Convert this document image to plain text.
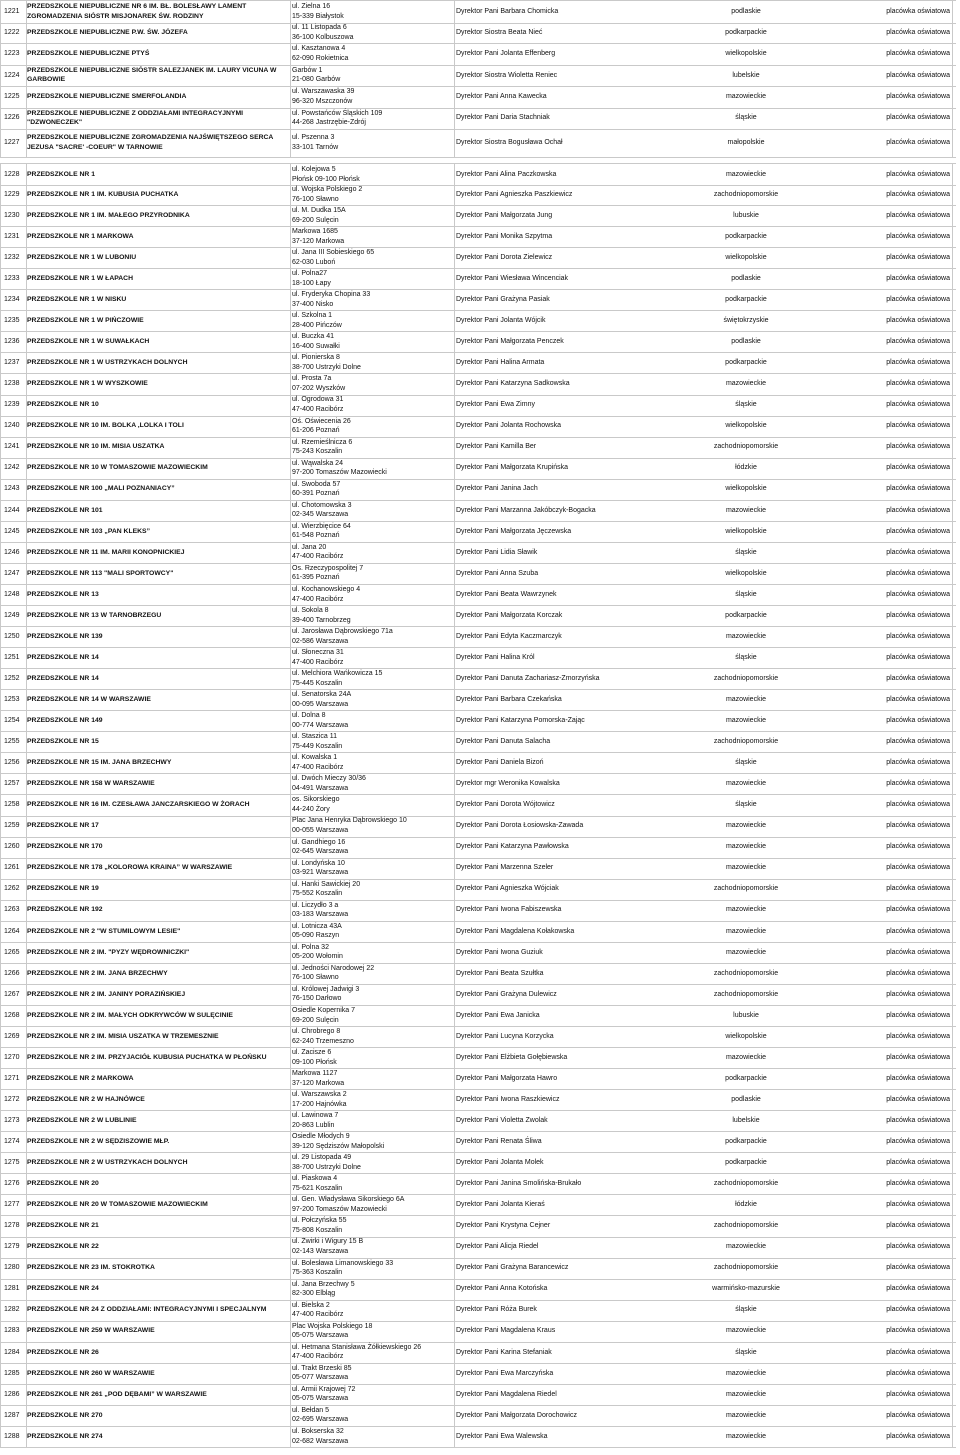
1221
PRZEDSZKOLE NIEPUBLICZNE NR 6 IM. BŁ. BOLESŁAWY LAMENT ZGROMADZENIA SIÓSTR MISJONAREK ŚW. RODZINY
ul. Zielna 16
15-339 Białystok
Dyrektor Pani Barbara Chomicka	podlaskie	placówka oświatowa
1222	PRZEDSZKOLE NIEPUBLICZNE P.W. ŚW. JÓZEFA
ul. 11 Listopada 6
36-100 Kolbuszowa
Dyrektor Siostra Beata Nieć	podkarpackie	placówka oświatowa
1223	PRZEDSZKOLE NIEPUBLICZNE PTYŚ
ul. Kasztanowa 4
62-090 Rokietnica
Dyrektor Pani Jolanta Effenberg	wielkopolskie	placówka oświatowa
1224
PRZEDSZKOLE NIEPUBLICZNE SIÓSTR SALEZJANEK IM. LAURY VICUNA W GARBOWIE
Garbów 1
21-080 Garbów
Dyrektor Siostra Wioletta Reniec	lubelskie	placówka oświatowa
1225	PRZEDSZKOLE NIEPUBLICZNE SMERFOLANDIA
ul. Warszawaska 39
96-320 Mszczonów
Dyrektor Pani Anna Kawecka	mazowieckie	placówka oświatowa
1226
PRZEDSZKOLE NIEPUBLICZNE Z ODDZIAŁAMI INTEGRACYJNYMI "DZWONECZEK"
ul. Powstańców Śląskich 109
44-268 Jastrzębie-Zdrój
Dyrektor Pani Daria Stachniak	śląskie	placówka oświatowa
1227
PRZEDSZKOLE NIEPUBLICZNE ZGROMADZENIA NAJŚWIĘTSZEGO SERCA JEZUSA "SACRE' -COEUR" W TARNOWIE
ul. Pszenna 3
33-101 Tarnów
Dyrektor Siostra Bogusława Ochał	małopolskie	placówka oświatowa
1228	PRZEDSZKOLE NR 1
ul. Kolejowa 5
Płońsk 09-100 Płońsk
Dyrektor Pani Alina Paczkowska	mazowieckie	placówka oświatowa
1229	PRZEDSZKOLE NR 1 IM. KUBUSIA PUCHATKA
ul. Wojska Polskiego 2
76-100 Sławno
Dyrektor Pani Agnieszka Paszkiewicz	zachodniopomorskie	placówka oświatowa
1230	PRZEDSZKOLE NR 1 IM. MAŁEGO PRZYRODNIKA
ul. M. Dudka 15A
69-200 Sulęcin
Dyrektor Pani Małgorzata Jung	lubuskie	placówka oświatowa
1231	PRZEDSZKOLE NR 1 MARKOWA
Markowa 1685
37-120 Markowa
Dyrektor Pani Monika Szpytma	podkarpackie	placówka oświatowa
1232	PRZEDSZKOLE NR 1 W LUBONIU
ul. Jana III Sobieskiego 65
62-030 Luboń
Dyrektor Pani Dorota Zielewicz	wielkopolskie	placówka oświatowa
1233	PRZEDSZKOLE NR 1 W ŁAPACH
ul. Polna27
18-100 Łapy
Dyrektor Pani Wiesława Wincenciak	podlaskie	placówka oświatowa
1234	PRZEDSZKOLE NR 1 W NISKU
ul. Fryderyka Chopina 33
37-400 Nisko
Dyrektor Pani Grażyna Pasiak	podkarpackie	placówka oświatowa
1235	PRZEDSZKOLE NR 1 W PIŃCZOWIE
ul. Szkolna 1
28-400 Pińczów
Dyrektor Pani Jolanta Wójcik	świętokrzyskie	placówka oświatowa
1236	PRZEDSZKOLE NR 1 W SUWAŁKACH
ul. Buczka 41
16-400 Suwałki
Dyrektor Pani Małgorzata Penczek	podlaskie	placówka oświatowa
1237	PRZEDSZKOLE NR 1 W USTRZYKACH DOLNYCH
ul. Pionierska 8
38-700 Ustrzyki Dolne
Dyrektor Pani Halina Armata	podkarpackie	placówka oświatowa
1238	PRZEDSZKOLE NR 1 W WYSZKOWIE
ul. Prosta 7a
07-202 Wyszków
Dyrektor Pani Katarzyna Sadkowska	mazowieckie	placówka oświatowa
1239	PRZEDSZKOLE NR 10
ul. Ogrodowa 31
47-400 Racibórz
Dyrektor Pani Ewa Zimny	śląskie	placówka oświatowa
1240	PRZEDSZKOLE NR 10 IM. BOLKA ,LOLKA I TOLI
Oś. Oświecenia 26
61-206 Poznań
Dyrektor Pani Jolanta Rochowska	wielkopolskie	placówka oświatowa
1241	PRZEDSZKOLE NR 10 IM. MISIA USZATKA
ul. Rzemieślnicza 6
75-243 Koszalin
Dyrektor Pani Kamilla Ber	zachodniopomorskie	placówka oświatowa
1242	PRZEDSZKOLE NR 10 W TOMASZOWIE MAZOWIECKIM
ul. Wąwalska 24
97-200 Tomaszów Mazowiecki
Dyrektor Pani Małgorzata Krupińska	łódzkie	placówka oświatowa
1243	PRZEDSZKOLE NR 100 „MALI POZNANIACY”
ul. Swoboda 57
60-391 Poznań
Dyrektor Pani Janina Jach	wielkopolskie	placówka oświatowa
1244	PRZEDSZKOLE NR 101
ul. Chotomowska 3
02-345 Warszawa
Dyrektor Pani Marzanna Jakóbczyk-Bogacka	mazowieckie	placówka oświatowa
1245	PRZEDSZKOLE NR 103 „PAN KLEKS”
ul. Wierzbięcice 64
61-548 Poznań
Dyrektor Pani Małgorzata Jęczewska	wielkopolskie	placówka oświatowa
1246	PRZEDSZKOLE NR 11 IM. MARII KONOPNICKIEJ
ul. Jana 20
47-400 Racibórz
Dyrektor Pani Lidia Sławik	śląskie	placówka oświatowa
1247	PRZEDSZKOLE NR 113 "MALI SPORTOWCY"
Os. Rzeczypospolitej 7
61-395 Poznań
Dyrektor Pani Anna Szuba	wielkopolskie	placówka oświatowa
1248	PRZEDSZKOLE NR 13
ul. Kochanowskiego 4
47-400 Racibórz
Dyrektor Pani Beata Wawrzynek	śląskie	placówka oświatowa
1249	PRZEDSZKOLE NR 13 W TARNOBRZEGU
ul. Sokola 8
39-400 Tarnobrzeg
Dyrektor Pani Małgorzata Korczak	podkarpackie	placówka oświatowa
1250	PRZEDSZKOLE NR 139
ul. Jarosława Dąbrowskiego 71a
02-586 Warszawa
Dyrektor Pani Edyta Kaczmarczyk	mazowieckie	placówka oświatowa
1251	PRZEDSZKOLE NR 14
ul. Słoneczna 31
47-400 Racibórz
Dyrektor Pani Halina Król	śląskie	placówka oświatowa
1252	PRZEDSZKOLE NR 14
ul. Melchiora Wańkowicza 15
75-445 Koszalin
Dyrektor Pani Danuta Zachariasz-Zmorzyńska	zachodniopomorskie	placówka oświatowa
1253	PRZEDSZKOLE NR 14 W WARSZAWIE
ul. Senatorska 24A
00-095 Warszawa
Dyrektor Pani Barbara Czekańska	mazowieckie	placówka oświatowa
1254	PRZEDSZKOLE NR 149
ul. Dolna 8
00-774 Warszawa
Dyrektor Pani Katarzyna Pomorska-Zając	mazowieckie	placówka oświatowa
1255	PRZEDSZKOLE NR 15
ul. Staszica 11
75-449 Koszalin
Dyrektor Pani Danuta Salacha	zachodniopomorskie	placówka oświatowa
1256	PRZEDSZKOLE NR 15 IM. JANA BRZECHWY
ul. Kowalska 1
47-400 Racibórz
Dyrektor Pani Daniela Bizoń	śląskie	placówka oświatowa
1257	PRZEDSZKOLE NR 158 W WARSZAWIE
ul. Dwóch Mieczy 30/36
04-491 Warszawa
Dyrektor mgr Weronika Kowalska	mazowieckie	placówka oświatowa
1258	PRZEDSZKOLE NR 16 IM. CZESŁAWA JANCZARSKIEGO W ŻORACH
os. Sikorskiego
44-240 Żory
Dyrektor Pani Dorota Wójtowicz	śląskie	placówka oświatowa
1259	PRZEDSZKOLE NR 17
Plac Jana Henryka Dąbrowskiego 10
00-055 Warszawa
Dyrektor Pani Dorota Łosiowska-Zawada	mazowieckie	placówka oświatowa
1260	PRZEDSZKOLE NR 170
ul. Gandhiego 16
02-645 Warszawa
Dyrektor Pani Katarzyna Pawłowska	mazowieckie	placówka oświatowa
1261	PRZEDSZKOLE NR 178 „KOLOROWA KRAINA” W WARSZAWIE
ul. Londyńska 10
03-921 Warszawa
Dyrektor Pani Marzenna Szeler	mazowieckie	placówka oświatowa
1262	PRZEDSZKOLE NR 19
ul. Hanki Sawickiej 20
75-552 Koszalin
Dyrektor Pani Agnieszka Wójciak	zachodniopomorskie	placówka oświatowa
1263	PRZEDSZKOLE NR 192
ul. Liczydło 3 a
03-183 Warszawa
Dyrektor Pani Iwona Fabiszewska	mazowieckie	placówka oświatowa
1264	PRZEDSZKOLE NR 2 "W STUMILOWYM LESIE"
ul. Lotnicza 43A
05-090 Raszyn
Dyrektor Pani Magdalena Kołakowska	mazowieckie	placówka oświatowa
1265	PRZEDSZKOLE NR 2 IM. "PYZY WĘDROWNICZKI"
ul. Polna 32
05-200 Wołomin
Dyrektor Pani Iwona Guziuk	mazowieckie	placówka oświatowa
1266	PRZEDSZKOLE NR 2 IM. JANA BRZECHWY
ul. Jedności Narodowej 22
76-100 Sławno
Dyrektor Pani Beata Szułtka	zachodniopomorskie	placówka oświatowa
1267	PRZEDSZKOLE NR 2 IM. JANINY PORAZIŃSKIEJ
ul. Królowej Jadwigi 3
76-150 Darłowo
Dyrektor Pani Grażyna Dulewicz	zachodniopomorskie	placówka oświatowa
1268	PRZEDSZKOLE NR 2 IM. MAŁYCH ODKRYWCÓW W SULĘCINIE
Osiedle Kopernika 7
69-200 Sulęcin
Dyrektor Pani Ewa Janicka	lubuskie	placówka oświatowa
1269	PRZEDSZKOLE NR 2 IM. MISIA USZATKA W TRZEMESZNIE
ul. Chrobrego 8
62-240 Trzemeszno
Dyrektor Pani Lucyna Korzycka	wielkopolskie	placówka oświatowa
1270	PRZEDSZKOLE NR 2 IM. PRZYJACIÓŁ KUBUSIA PUCHATKA W PŁOŃSKU
ul. Zacisze 6
09-100 Płońsk
Dyrektor Pani Elżbieta Gołębiewska	mazowieckie	placówka oświatowa
1271	PRZEDSZKOLE NR 2 MARKOWA
Markowa 1127
37-120 Markowa
Dyrektor Pani Małgorzata Hawro	podkarpackie	placówka oświatowa
1272	PRZEDSZKOLE NR 2 W HAJNÓWCE
ul. Warszawska 2
17-200 Hajnówka
Dyrektor Pani Iwona Raszkiewicz	podlaskie	placówka oświatowa
1273	PRZEDSZKOLE NR 2 W LUBLINIE
ul. Lawinowa 7
20-863 Lublin
Dyrektor Pani Violetta Zwolak	lubelskie	placówka oświatowa
1274	PRZEDSZKOLE NR 2 W SĘDZISZOWIE MŁP.
Osiedle Młodych 9
39-120 Sędziszów Małopolski
Dyrektor Pani Renata Śliwa	podkarpackie	placówka oświatowa
1275	PRZEDSZKOLE NR 2 W USTRZYKACH DOLNYCH
ul. 29 Listopada 49
38-700 Ustrzyki Dolne
Dyrektor Pani Jolanta Molek	podkarpackie	placówka oświatowa
1276	PRZEDSZKOLE NR 20
ul. Piaskowa 4
75-621 Koszalin
Dyrektor Pani Janina Smolińska-Brukało	zachodniopomorskie	placówka oświatowa
1277	PRZEDSZKOLE NR 20 W TOMASZOWIE MAZOWIECKIM
ul. Gen. Władysława Sikorskiego 6A
97-200 Tomaszów Mazowiecki
Dyrektor Pani Jolanta Kieraś	łódzkie	placówka oświatowa
1278	PRZEDSZKOLE NR 21
ul. Połczyńska 55
75-808 Koszalin
Dyrektor Pani Krystyna Cejner	zachodniopomorskie	placówka oświatowa
1279	PRZEDSZKOLE NR 22
ul. Żwirki i Wigury 15 B
02-143 Warszawa
Dyrektor Pani Alicja Riedel	mazowieckie	placówka oświatowa
1280	PRZEDSZKOLE NR 23 IM. STOKROTKA
ul. Bolesława Limanowskiego 33
75-363 Koszalin
Dyrektor Pani Grażyna Barancewicz	zachodniopomorskie	placówka oświatowa
1281	PRZEDSZKOLE NR 24
ul. Jana Brzechwy 5
82-300 Elbląg
Dyrektor Pani Anna Kotońska	warmińsko-mazurskie	placówka oświatowa
1282	PRZEDSZKOLE NR 24 Z ODDZIAŁAMI: INTEGRACYJNYMI I SPECJALNYM
ul. Bielska 2
47-400 Racibórz
Dyrektor Pani Róża Burek	śląskie	placówka oświatowa
1283	PRZEDSZKOLE NR 259 W WARSZAWIE
Plac Wojska Polskiego 18
05-075 Warszawa
Dyrektor Pani Magdalena Kraus	mazowieckie	placówka oświatowa
1284	PRZEDSZKOLE NR 26
ul. Hetmana Stanisława Żółkiewskiego 26
47-400 Racibórz
Dyrektor Pani Karina Stefaniak	śląskie	placówka oświatowa
1285	PRZEDSZKOLE NR 260 W WARSZAWIE
ul. Trakt Brzeski 85
05-077 Warszawa
Dyrektor Pani Ewa Marczyńska	mazowieckie	placówka oświatowa
1286	PRZEDSZKOLE NR 261 „POD DĘBAMI” W WARSZAWIE
ul. Armii Krajowej 72
05-075 Warszawa
Dyrektor Pani Magdalena Riedel	mazowieckie	placówka oświatowa
1287	PRZEDSZKOLE NR 270
ul. Bełdan 5
02-695 Warszawa
Dyrektor Pani Małgorzata Dorochowicz	mazowieckie	placówka oświatowa
1288	PRZEDSZKOLE NR 274
ul. Bokserska 32
02-682 Warszawa
Dyrektor Pani Ewa Walewska	mazowieckie	placówka oświatowa
